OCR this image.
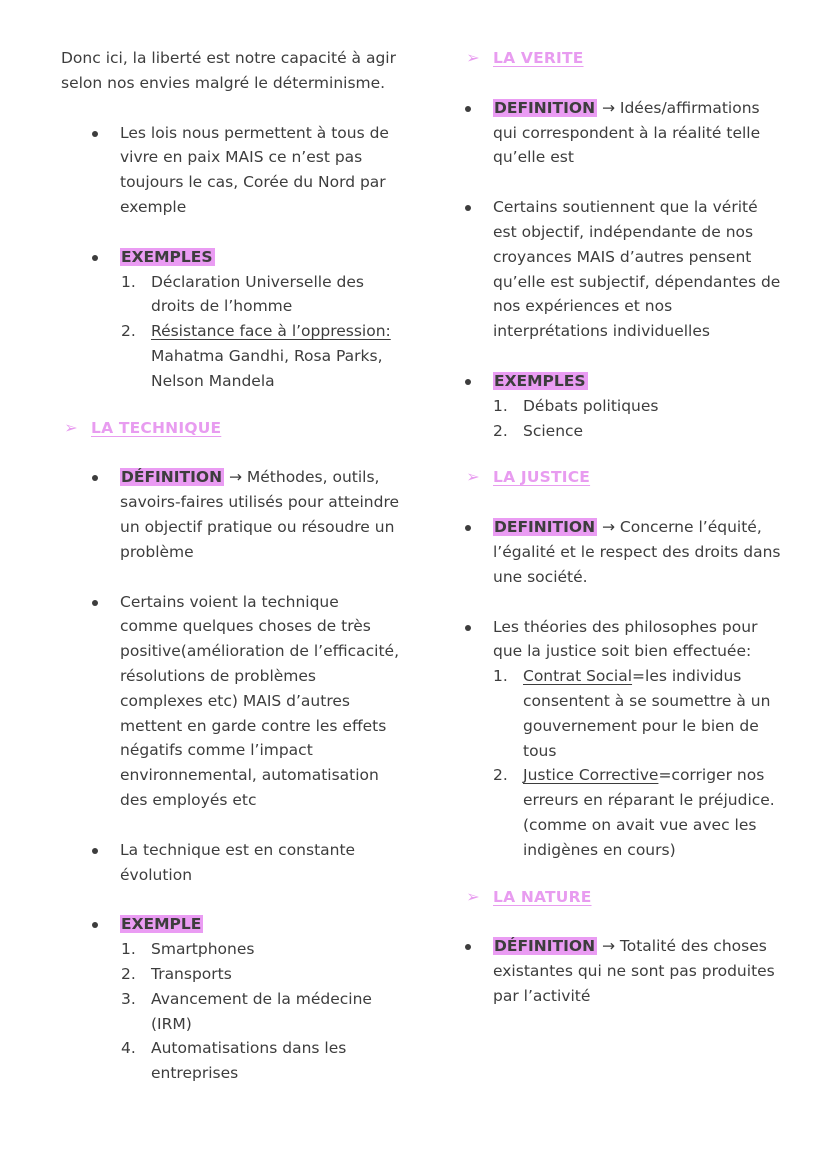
Donc ici, la liberté est notre capacité à agir selon nos envies malgré le déterminisme.

Les lois nous permettent à tous de vivre en paix MAIS ce n’est pas toujours le cas, Corée du Nord par exemple
EXEMPLES
1. Déclaration Universelle des droits de l’homme
2. Résistance face à l’oppression: Mahatma Gandhi, Rosa Parks, Nelson Mandela
➢ LA TECHNIQUE
DÉFINITION → Méthodes, outils, savoirs-faires utilisés pour atteindre un objectif pratique ou résoudre un problème
Certains voient la technique comme quelques choses de très positive(amélioration de l’efficacité, résolutions de problèmes complexes etc) MAIS d’autres mettent en garde contre les effets négatifs comme l’impact environnemental, automatisation des employés etc
La technique est en constante évolution
EXEMPLE
1. Smartphones
2. Transports
3. Avancement de la médecine (IRM)
4. Automatisations dans les entreprises
➢ LA VERITE
DEFINITION → Idées/affirmations qui correspondent à la réalité telle qu’elle est
Certains soutiennent que la vérité est objectif, indépendante de nos croyances MAIS d’autres pensent qu’elle est subjectif, dépendantes de nos expériences et nos interprétations individuelles
EXEMPLES
1. Débats politiques
2. Science
➢ LA JUSTICE
DEFINITION → Concerne l’équité, l’égalité et le respect des droits dans une société.
Les théories des philosophes pour que la justice soit bien effectuée:
1. Contrat Social=les individus consentent à se soumettre à un gouvernement pour le bien de tous
2. Justice Corrective=corriger nos erreurs en réparant le préjudice. (comme on avait vue avec les indigènes en cours)
➢ LA NATURE
DÉFINITION → Totalité des choses existantes qui ne sont pas produites par l’activité
